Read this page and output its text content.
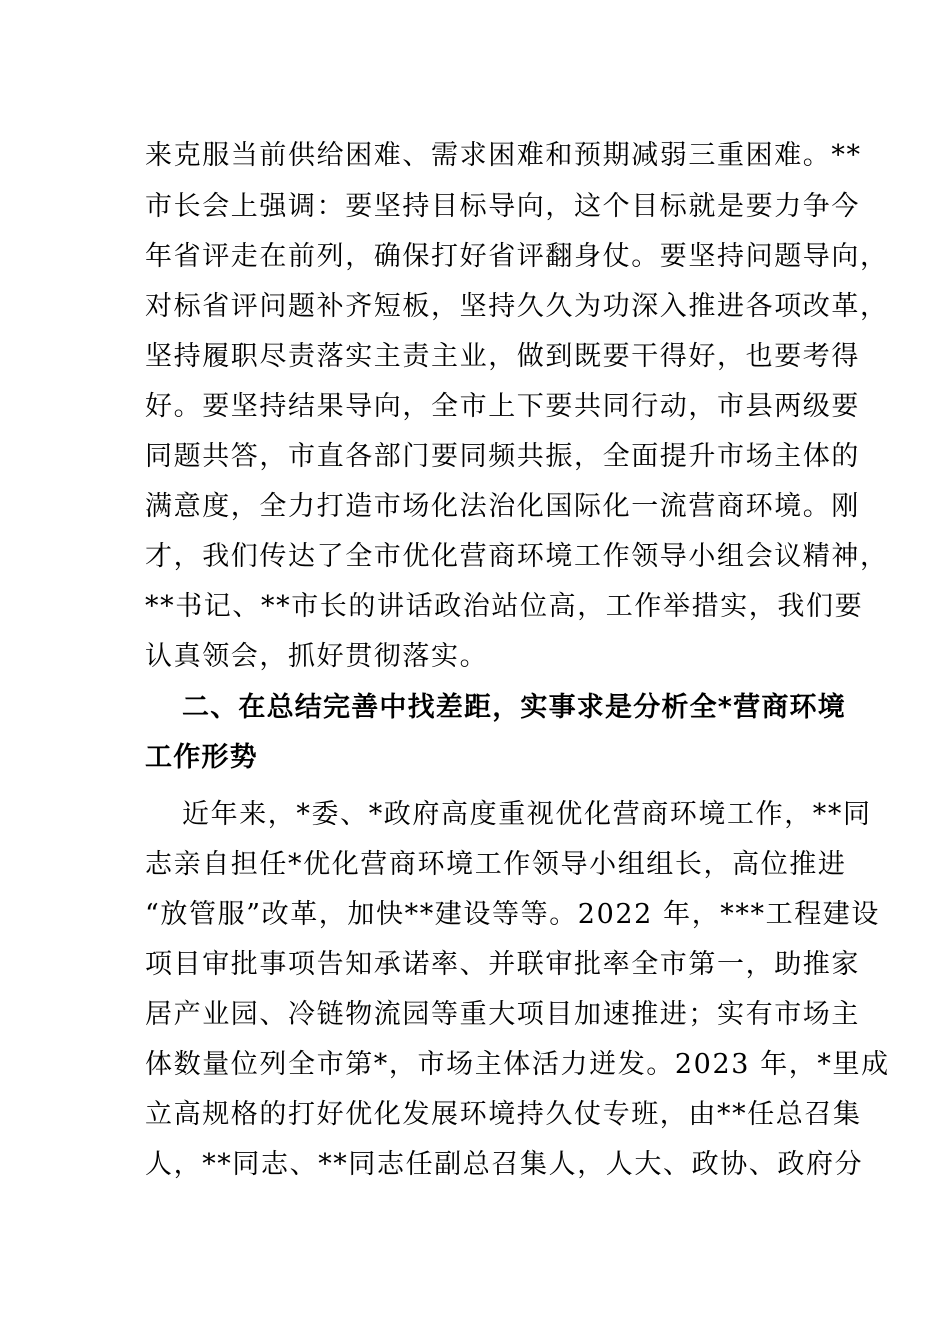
来克服当前供给困难、需求困难和预期减弱三重困难。**
市长会上强调：要坚持目标导向，这个目标就是要力争今
年省评走在前列，确保打好省评翻身仗。要坚持问题导向，
对标省评问题补齐短板，坚持久久为功深入推进各项改革，
坚持履职尽责落实主责主业，做到既要干得好，也要考得
好。要坚持结果导向，全市上下要共同行动，市县两级要
同题共答，市直各部门要同频共振，全面提升市场主体的
满意度，全力打造市场化法治化国际化一流营商环境。刚
才，我们传达了全市优化营商环境工作领导小组会议精神，
**书记、**市长的讲话政治站位高，工作举措实，我们要
认真领会，抓好贯彻落实。
二、在总结完善中找差距，实事求是分析全*营商环境
工作形势
近年来，*委、*政府高度重视优化营商环境工作，**同
志亲自担任*优化营商环境工作领导小组组长，高位推进
“放管服”改革，加快**建设等等。2022 年，***工程建设
项目审批事项告知承诺率、并联审批率全市第一，助推家
居产业园、冷链物流园等重大项目加速推进；实有市场主
体数量位列全市第*，市场主体活力迸发。2023 年，*里成
立高规格的打好优化发展环境持久仗专班，由**任总召集
人，**同志、**同志任副总召集人，人大、政协、政府分
